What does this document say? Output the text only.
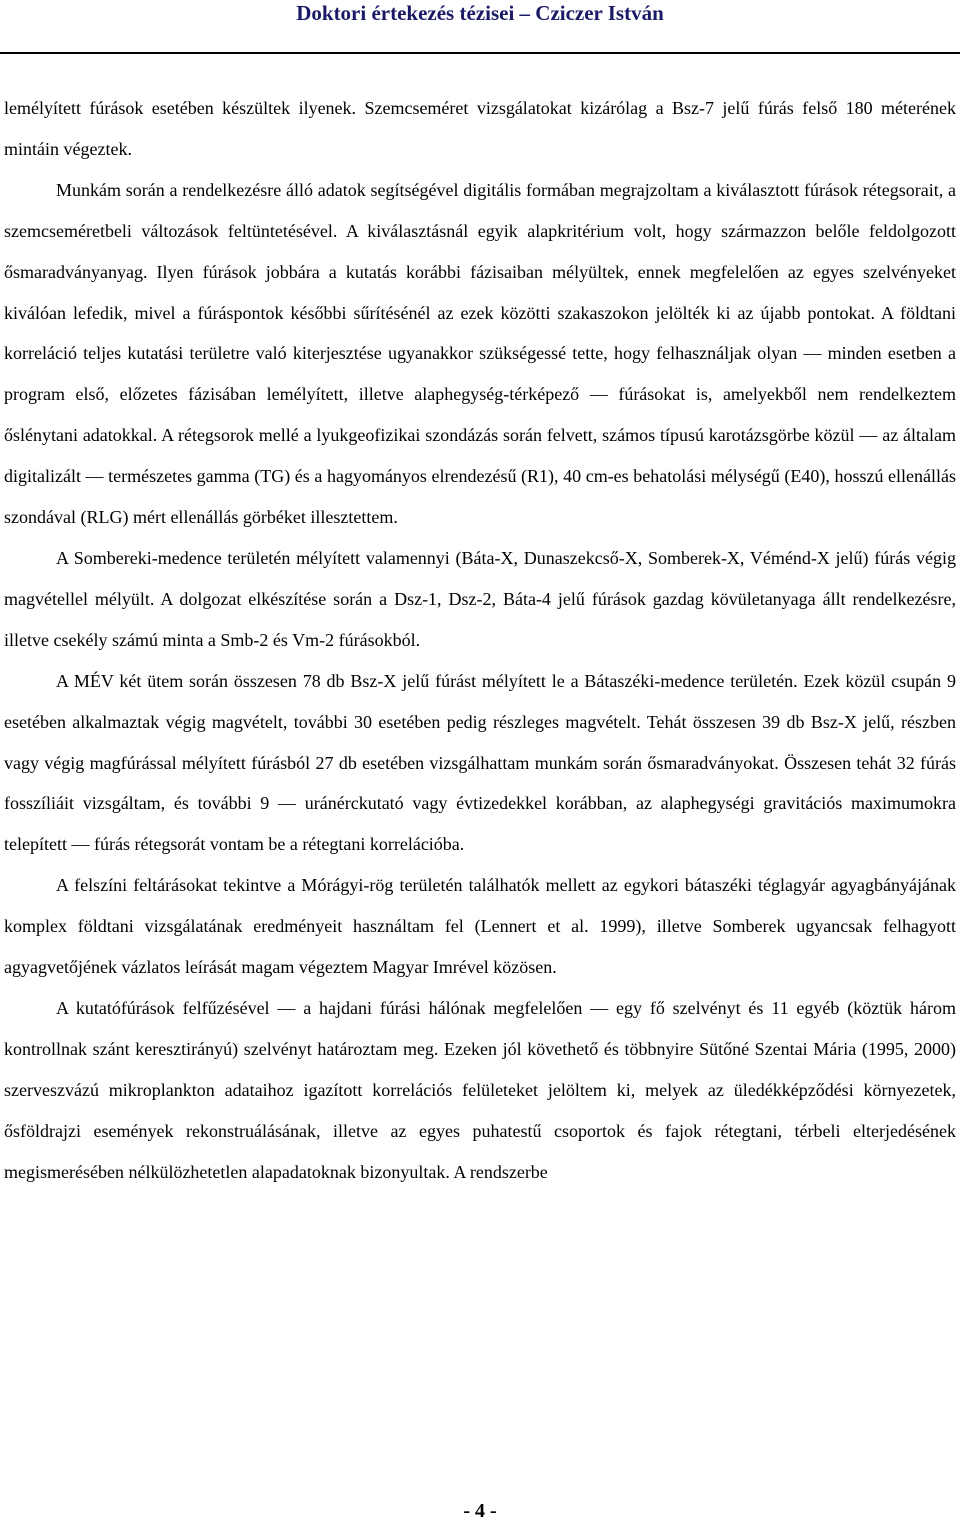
Doktori értekezés tézisei – Cziczer István

lemélyített fúrások esetében készültek ilyenek. Szemcseméret vizsgálatokat kizárólag a Bsz-7 jelű fúrás felső 180 méterének mintáin végeztek.

Munkám során a rendelkezésre álló adatok segítségével digitális formában megrajzoltam a kiválasztott fúrások rétegsorait, a szemcseméretbeli változások feltüntetésével. A kiválasztásnál egyik alapkritérium volt, hogy származzon belőle feldolgozott ősmaradványanyag. Ilyen fúrások jobbára a kutatás korábbi fázisaiban mélyültek, ennek megfelelően az egyes szelvényeket kiválóan lefedik, mivel a fúráspontok későbbi sűrítésénél az ezek közötti szakaszokon jelölték ki az újabb pontokat. A földtani korreláció teljes kutatási területre való kiterjesztése ugyanakkor szükségessé tette, hogy felhasználjak olyan — minden esetben a program első, előzetes fázisában lemélyített, illetve alaphegység-térképező — fúrásokat is, amelyekből nem rendelkeztem őslénytani adatokkal. A rétegsorok mellé a lyukgeofizikai szondázás során felvett, számos típusú karotázsgörbe közül — az általam digitalizált — természetes gamma (TG) és a hagyományos elrendezésű (R1), 40 cm-es behatolási mélységű (E40), hosszú ellenállás szondával (RLG) mért ellenállás görbéket illesztettem.

A Sombereki-medence területén mélyített valamennyi (Báta-X, Dunaszekcső-X, Somberek-X, Véménd-X jelű) fúrás végig magvétellel mélyült. A dolgozat elkészítése során a Dsz-1, Dsz-2, Báta-4 jelű fúrások gazdag kövületanyaga állt rendelkezésre, illetve csekély számú minta a Smb-2 és Vm-2 fúrásokból.

A MÉV két ütem során összesen 78 db Bsz-X jelű fúrást mélyített le a Bátaszéki-medence területén. Ezek közül csupán 9 esetében alkalmaztak végig magvételt, további 30 esetében pedig részleges magvételt. Tehát összesen 39 db Bsz-X jelű, részben vagy végig magfúrással mélyített fúrásból 27 db esetében vizsgálhattam munkám során ősmaradványokat. Összesen tehát 32 fúrás fosszíliáit vizsgáltam, és további 9 — uránérckutató vagy évtizedekkel korábban, az alaphegységi gravitációs maximumokra telepített — fúrás rétegsorát vontam be a rétegtani korrelációba.

A felszíni feltárásokat tekintve a Mórágyi-rög területén találhatók mellett az egykori bátaszéki téglagyár agyagbányájának komplex földtani vizsgálatának eredményeit használtam fel (Lennert et al. 1999), illetve Somberek ugyancsak felhagyott agyagvetőjének vázlatos leírását magam végeztem Magyar Imrével közösen.

A kutatófúrások felfűzésével — a hajdani fúrási hálónak megfelelően — egy fő szelvényt és 11 egyéb (köztük három kontrollnak szánt keresztirányú) szelvényt határoztam meg. Ezeken jól követhető és többnyire Sütőné Szentai Mária (1995, 2000) szerveszvázú mikroplankton adataihoz igazított korrelációs felületeket jelöltem ki, melyek az üledékképződési környezetek, ősföldrajzi események rekonstruálásának, illetve az egyes puhatestű csoportok és fajok rétegtani, térbeli elterjedésének megismerésében nélkülözhetetlen alapadatoknak bizonyultak. A rendszerbe

- 4 -
